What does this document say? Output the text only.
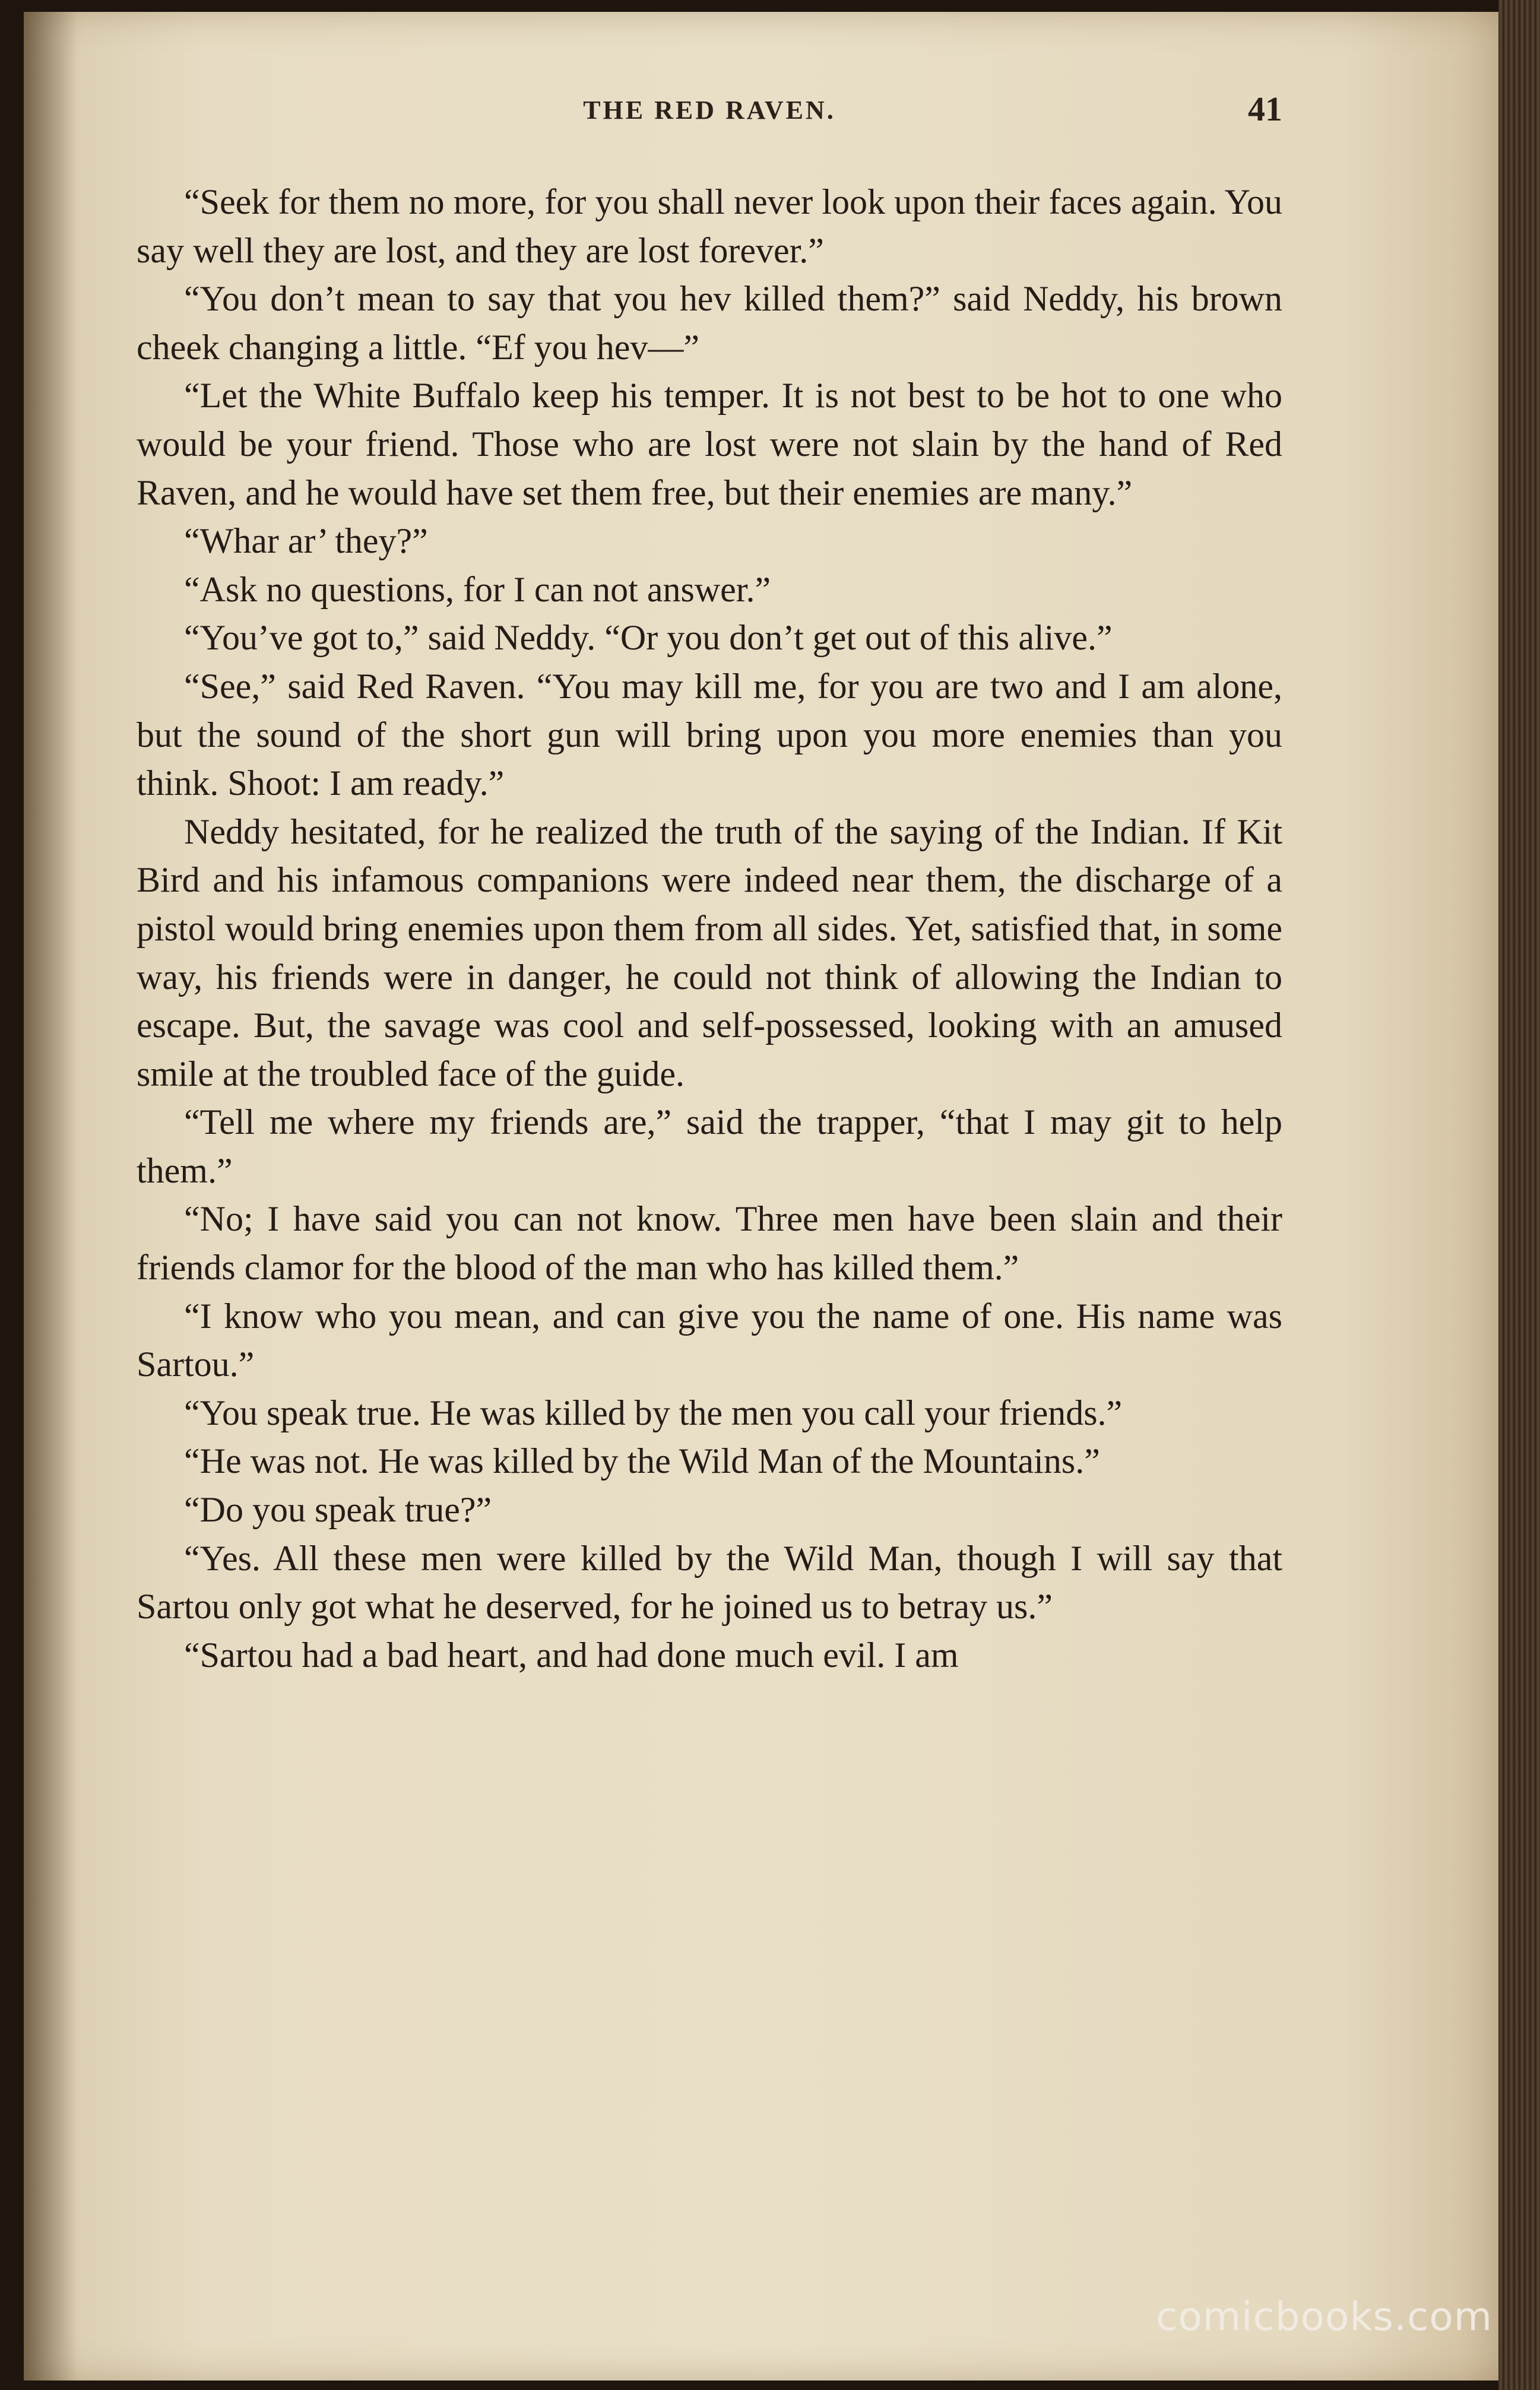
THE RED RAVEN.	41

“Seek for them no more, for you shall never look upon their faces again. You say well they are lost, and they are lost forever.”

“You don’t mean to say that you hev killed them?” said Neddy, his brown cheek changing a little. “Ef you hev—”

“Let the White Buffalo keep his temper. It is not best to be hot to one who would be your friend. Those who are lost were not slain by the hand of Red Raven, and he would have set them free, but their enemies are many.”

“Whar ar’ they?”

“Ask no questions, for I can not answer.”

“You’ve got to,” said Neddy. “Or you don’t get out of this alive.”

“See,” said Red Raven. “You may kill me, for you are two and I am alone, but the sound of the short gun will bring upon you more enemies than you think. Shoot: I am ready.”

Neddy hesitated, for he realized the truth of the saying of the Indian. If Kit Bird and his infamous companions were indeed near them, the discharge of a pistol would bring enemies upon them from all sides. Yet, satisfied that, in some way, his friends were in danger, he could not think of allowing the Indian to escape. But, the savage was cool and self-possessed, looking with an amused smile at the troubled face of the guide.

“Tell me where my friends are,” said the trapper, “that I may git to help them.”

“No; I have said you can not know. Three men have been slain and their friends clamor for the blood of the man who has killed them.”

“I know who you mean, and can give you the name of one. His name was Sartou.”

“You speak true. He was killed by the men you call your friends.”

“He was not. He was killed by the Wild Man of the Mountains.”

“Do you speak true?”

“Yes. All these men were killed by the Wild Man, though I will say that Sartou only got what he deserved, for he joined us to betray us.”

“Sartou had a bad heart, and had done much evil. I am

comicbooks.com
